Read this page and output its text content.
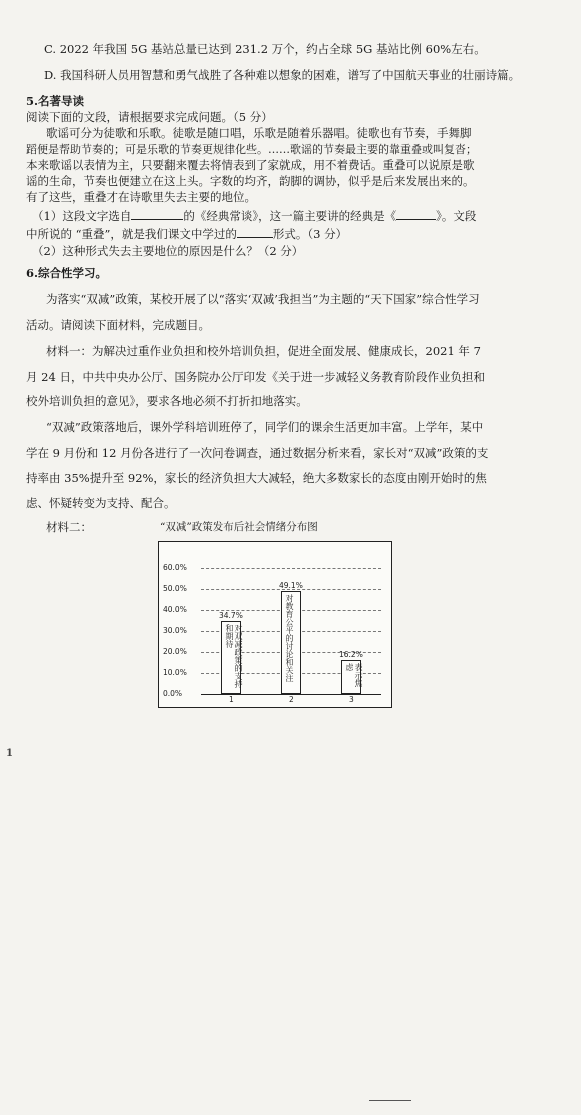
C. 2022 年我国 5G 基站总量已达到 231.2 万个，约占全球 5G 基站比例 60%左右。
D. 我国科研人员用智慧和勇气战胜了各种难以想象的困难，谱写了中国航天事业的壮丽诗篇。
5.名著导读
阅读下面的文段，请根据要求完成问题。（5 分）
歌谣可分为徒歌和乐歌。徒歌是随口唱，乐歌是随着乐器唱。徒歌也有节奏，手舞脚
蹈便是帮助节奏的；可是乐歌的节奏更规律化些。……歌谣的节奏最主要的靠重叠或叫复沓；
本来歌谣以表情为主，只要翻来覆去将情表到了家就成，用不着费话。重叠可以说原是歌
谣的生命，节奏也便建立在这上头。字数的均齐，韵脚的调协，似乎是后来发展出来的。
有了这些，重叠才在诗歌里失去主要的地位。
（1）这段文字选自	的《经典常谈》，这一篇主要讲的经典是《	》。文段
中所说的 “重叠”，就是我们课文中学过的	形式。（3 分）
（2）这种形式失去主要地位的原因是什么？（2 分）
6.综合性学习。
为落实“双减”政策，某校开展了以“落实‘双减’我担当”为主题的“天下国家”综合性学习
活动。请阅读下面材料，完成题目。
材料一：为解决过重作业负担和校外培训负担，促进全面发展、健康成长，2021 年 7
月 24 日，中共中央办公厅、国务院办公厅印发《关于进一步减轻义务教育阶段作业负担和
校外培训负担的意见》，要求各地必须不打折扣地落实。
“双减”政策落地后，课外学科培训班停了，同学们的课余生活更加丰富。上学年，某中
学在 9 月份和 12 月份各进行了一次问卷调查，通过数据分析来看，家长对“双减”政策的支
持率由 35%提升至 92%，家长的经济负担大大减轻，绝大多数家长的态度由刚开始时的焦
虑、怀疑转变为支持、配合。
材料二：	“双减”政策发布后社会情绪分布图
0.0%
10.0%
20.0%
30.0%
40.0%
50.0%
60.0%
对双减政策的支持和期待
34.7%
1
对教育公平的讨论和关注
49.1%
2
表示焦虑
16.2%
3
1
